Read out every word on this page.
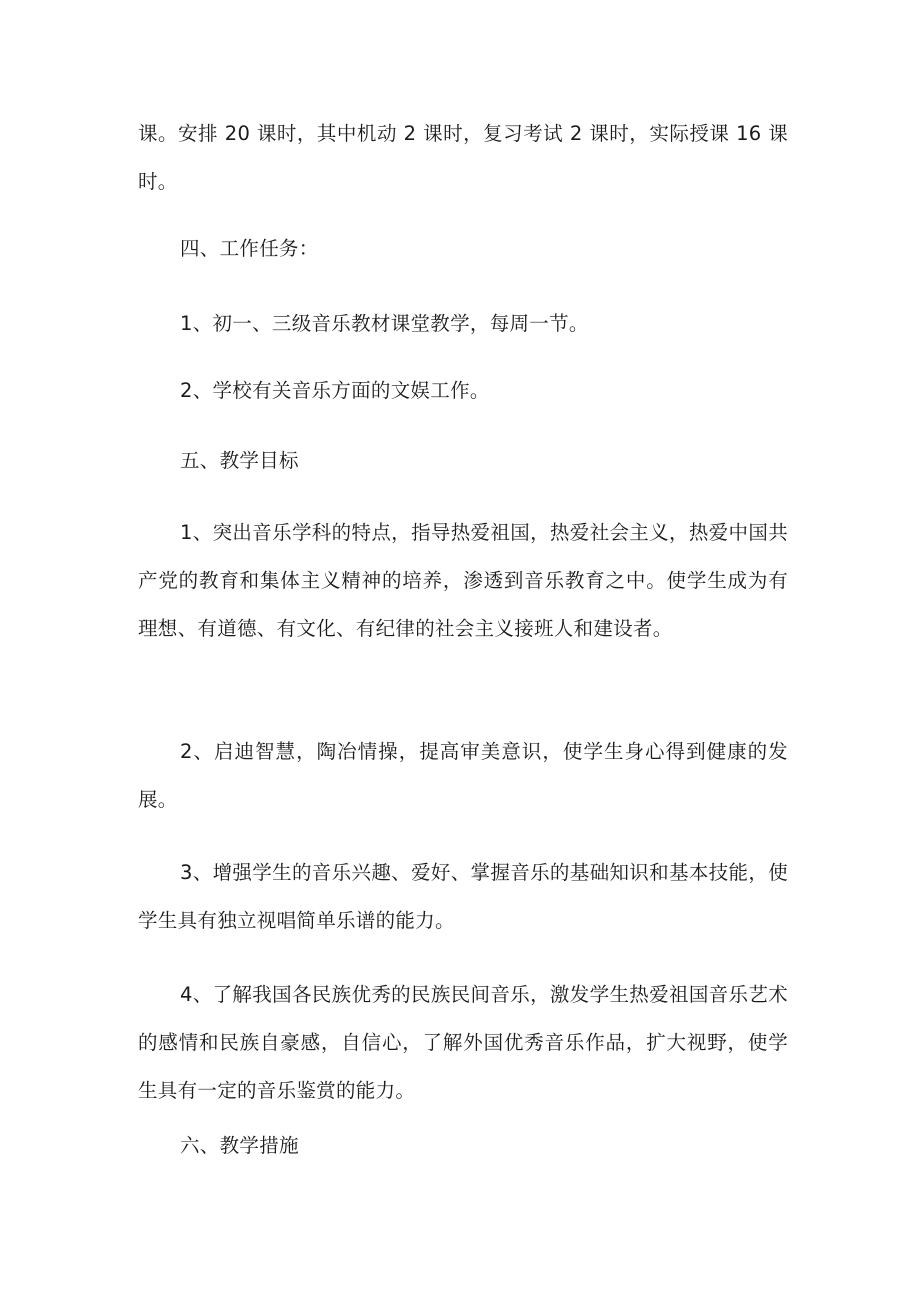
课。安排 20 课时，其中机动 2 课时，复习考试 2 课时，实际授课 16 课时。

四、工作任务：

1、初一、三级音乐教材课堂教学，每周一节。

2、学校有关音乐方面的文娱工作。

五、教学目标

1、突出音乐学科的特点，指导热爱祖国，热爱社会主义，热爱中国共产党的教育和集体主义精神的培养，渗透到音乐教育之中。使学生成为有理想、有道德、有文化、有纪律的社会主义接班人和建设者。

2、启迪智慧，陶冶情操，提高审美意识，使学生身心得到健康的发展。

3、增强学生的音乐兴趣、爱好、掌握音乐的基础知识和基本技能，使学生具有独立视唱简单乐谱的能力。

4、了解我国各民族优秀的民族民间音乐，激发学生热爱祖国音乐艺术的感情和民族自豪感，自信心，了解外国优秀音乐作品，扩大视野，使学生具有一定的音乐鉴赏的能力。

六、教学措施
